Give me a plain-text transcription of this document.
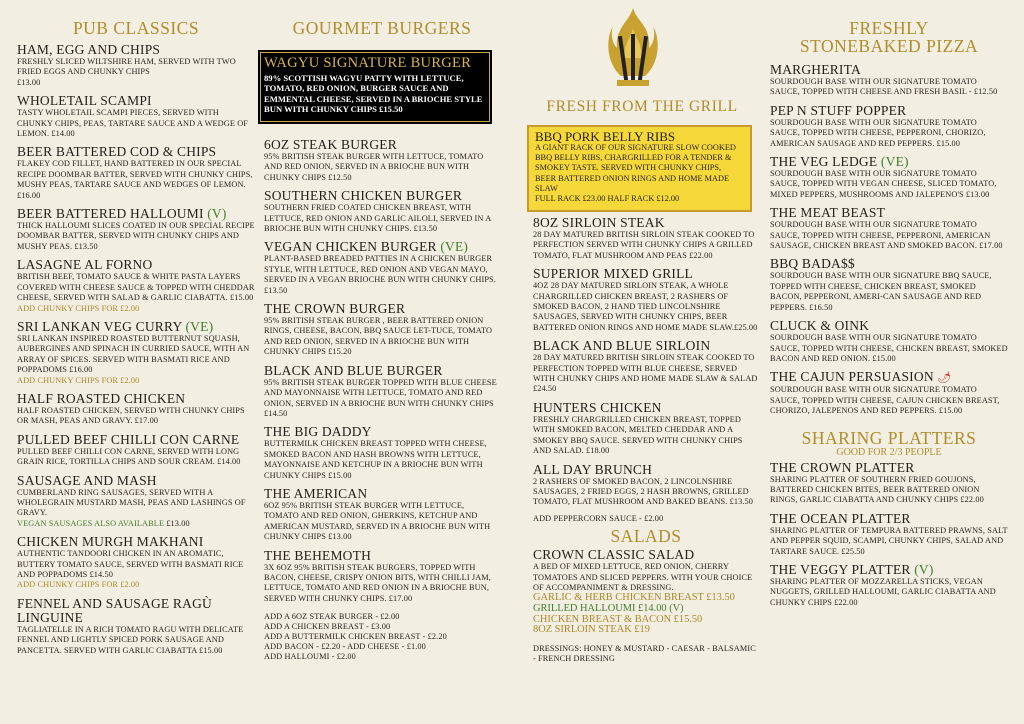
PUB CLASSICS
HAM, EGG AND CHIPS
FRESHLY SLICED WILTSHIRE HAM, SERVED WITH TWO FRIED EGGS AND CHUNKY CHIPS
£13.00
WHOLETAIL SCAMPI
TASTY WHOLETAIL SCAMPI PIECES, SERVED WITH CHUNKY CHIPS, PEAS, TARTARE SAUCE AND A WEDGE OF LEMON. £14.00
BEER BATTERED COD & CHIPS
FLAKEY COD FILLET, HAND BATTERED IN OUR SPECIAL RECIPE DOOMBAR BATTER, SERVED WITH CHUNKY CHIPS, MUSHY PEAS, TARTARE SAUCE AND WEDGES OF LEMON. £16.00
BEER BATTERED HALLOUMI (V)
THICK HALLOUMI SLICES COATED IN OUR SPECIAL RECIPE DOOMBAR BATTER, SERVED WITH CHUNKY CHIPS AND MUSHY PEAS. £13.50
LASAGNE AL FORNO
BRITISH BEEF, TOMATO SAUCE & WHITE PASTA LAYERS COVERED WITH CHEESE SAUCE & TOPPED WITH CHEDDAR CHEESE, SERVED WITH SALAD & GARLIC CIABATTA. £15.00
ADD CHUNKY CHIPS FOR £2.00
SRI LANKAN VEG CURRY (VE)
SRI LANKAN INSPIRED ROASTED BUTTERNUT SQUASH, AUBERGINES AND SPINACH IN CURRIED SAUCE, WITH AN ARRAY OF SPICES. SERVED WITH BASMATI RICE AND POPPADOMS £16.00
ADD CHUNKY CHIPS FOR £2.00
HALF ROASTED CHICKEN
HALF ROASTED CHICKEN, SERVED WITH CHUNKY CHIPS OR MASH, PEAS AND GRAVY. £17.00
PULLED BEEF CHILLI CON CARNE
PULLED BEEF CHILLI CON CARNE, SERVED WITH LONG GRAIN RICE, TORTILLA CHIPS AND SOUR CREAM. £14.00
SAUSAGE AND MASH
CUMBERLAND RING SAUSAGES, SERVED WITH A WHOLEGRAIN MUSTARD MASH, PEAS AND LASHINGS OF GRAVY.
VEGAN SAUSAGES ALSO AVAILABLE £13.00
CHICKEN MURGH MAKHANI
AUTHENTIC TANDOORI CHICKEN IN AN AROMATIC, BUTTERY TOMATO SAUCE, SERVED WITH BASMATI RICE AND POPPADOMS £14.50
ADD CHUNKY CHIPS FOR £2.00
FENNEL AND SAUSAGE RAGÙ LINGUINE
TAGLIATELLE IN A RICH TOMATO RAGU WITH DELICATE FENNEL AND LIGHTLY SPICED PORK SAUSAGE AND PANCETTA. SERVED WITH GARLIC CIABATTA £15.00
GOURMET BURGERS
WAGYU SIGNATURE BURGER
89% SCOTTISH WAGYU PATTY WITH LETTUCE, TOMATO, RED ONION, BURGER SAUCE AND EMMENTAL CHEESE, SERVED IN A BRIOCHE STYLE BUN WITH CHUNKY CHIPS £15.50
6OZ STEAK BURGER
95% BRITISH STEAK BURGER WITH LETTUCE, TOMATO AND RED ONION, SERVED IN A BRIOCHE BUN WITH CHUNKY CHIPS £12.50
SOUTHERN CHICKEN BURGER
SOUTHERN FRIED COATED CHICKEN BREAST, WITH LETTUCE, RED ONION AND GARLIC AILOLI, SERVED IN A BRIOCHE BUN WITH CHUNKY CHIPS. £13.50
VEGAN CHICKEN BURGER (VE)
PLANT-BASED BREADED PATTIES IN A CHICKEN BURGER STYLE, WITH LETTUCE, RED ONION AND VEGAN MAYO, SERVED IN A VEGAN BRIOCHE BUN WITH CHUNKY CHIPS. £13.50
THE CROWN BURGER
95% BRITISH STEAK BURGER , BEER BATTERED ONION RINGS, CHEESE, BACON, BBQ SAUCE LET-TUCE, TOMATO AND RED ONION, SERVED IN A BRIOCHE BUN WITH CHUNKY CHIPS £15.20
BLACK AND BLUE BURGER
95% BRITISH STEAK BURGER TOPPED WITH BLUE CHEESE AND MAYONNAISE WITH LETTUCE, TOMATO AND RED ONION, SERVED IN A BRIOCHE BUN WITH CHUNKY CHIPS £14.50
THE BIG DADDY
BUTTERMILK CHICKEN BREAST TOPPED WITH CHEESE, SMOKED BACON AND HASH BROWNS WITH LETTUCE, MAYONNAISE AND KETCHUP IN A BRIOCHE BUN WITH CHUNKY CHIPS £15.00
THE AMERICAN
6OZ 95% BRITISH STEAK BURGER WITH LETTUCE, TOMATO AND RED ONION, GHERKINS, KETCHUP AND AMERICAN MUSTARD, SERVED IN A BRIOCHE BUN WITH CHUNKY CHIPS £13.00
THE BEHEMOTH
3X 6OZ 95% BRITISH STEAK BURGERS, TOPPED WITH BACON, CHEESE, CRISPY ONION BITS, WITH CHILLI JAM, LETTUCE, TOMATO AND RED ONION IN A BRIOCHE BUN, SERVED WITH CHUNKY CHIPS. £17.00
ADD A 6OZ STEAK BURGER - £2.00
ADD A CHICKEN BREAST - £3.00
ADD A BUTTERMILK CHICKEN BREAST - £2.20
ADD BACON - £2.20 - ADD CHEESE - £1.00
ADD HALLOUMI - £2.00
FRESH FROM THE GRILL
BBQ PORK BELLY RIBS
A GIANT RACK OF OUR SIGNATURE SLOW COOKED BBQ BELLY RIBS, CHARGRILLED FOR A TENDER & SMOKEY TASTE. SERVED WITH CHUNKY CHIPS, BEER BATTERED ONION RINGS AND HOME MADE SLAW
FULL RACK £23.00 HALF RACK £12.00
8OZ SIRLOIN STEAK
28 DAY MATURED BRITISH SIRLOIN STEAK COOKED TO PERFECTION SERVED WITH CHUNKY CHIPS A GRILLED TOMATO, FLAT MUSHROOM AND PEAS £22.00
SUPERIOR MIXED GRILL
4OZ 28 DAY MATURED SIRLOIN STEAK, A WHOLE CHARGRILLED CHICKEN BREAST, 2 RASHERS OF SMOKED BACON, 2 HAND TIED LINCOLNSHIRE SAUSAGES, SERVED WITH CHUNKY CHIPS, BEER BATTERED ONION RINGS AND HOME MADE SLAW.£25.00
BLACK AND BLUE SIRLOIN
28 DAY MATURED BRITISH SIRLOIN STEAK COOKED TO PERFECTION TOPPED WITH BLUE CHEESE, SERVED WITH CHUNKY CHIPS AND HOME MADE SLAW & SALAD £24.50
HUNTERS CHICKEN
FRESHLY CHARGRILLED CHICKEN BREAST, TOPPED WITH SMOKED BACON, MELTED CHEDDAR AND A SMOKEY BBQ SAUCE. SERVED WITH CHUNKY CHIPS AND SALAD. £18.00
ALL DAY BRUNCH
2 RASHERS OF SMOKED BACON, 2 LINCOLNSHIRE SAUSAGES, 2 FRIED EGGS, 2 HASH BROWNS, GRILLED TOMATO, FLAT MUSHROOM AND BAKED BEANS. £13.50
ADD PEPPERCORN SAUCE - £2.00
SALADS
CROWN CLASSIC SALAD
A BED OF MIXED LETTUCE, RED ONION, CHERRY TOMATOES AND SLICED PEPPERS. WITH YOUR CHOICE OF ACCOMPANIMENT & DRESSING.
GARLIC & HERB CHICKEN BREAST £13.50
GRILLED HALLOUMI £14.00 (V)
CHICKEN BREAST & BACON £15.50
8OZ SIRLOIN STEAK £19
DRESSINGS: HONEY & MUSTARD - CAESAR - BALSAMIC - FRENCH DRESSING
FRESHLY
STONEBAKED PIZZA
MARGHERITA
SOURDOUGH BASE WITH OUR SIGNATURE TOMATO SAUCE, TOPPED WITH CHEESE AND FRESH BASIL - £12.50
PEP N STUFF POPPER
SOURDOUGH BASE WITH OUR SIGNATURE TOMATO SAUCE, TOPPED WITH CHEESE, PEPPERONI, CHORIZO, AMERICAN SAUSAGE AND RED PEPPERS. £15.00
THE VEG LEDGE (VE)
SOURDOUGH BASE WITH OUR SIGNATURE TOMATO SAUCE, TOPPED WITH VEGAN CHEESE, SLICED TOMATO, MIXED PEPPERS, MUSHROOMS AND JALEPENO'S £13.00
THE MEAT BEAST
SOURDOUGH BASE WITH OUR SIGNATURE TOMATO SAUCE, TOPPED WITH CHEESE, PEPPERONI, AMERICAN SAUSAGE, CHICKEN BREAST AND SMOKED BACON. £17.00
BBQ BADA$$
SOURDOUGH BASE WITH OUR SIGNATURE BBQ SAUCE, TOPPED WITH CHEESE, CHICKEN BREAST, SMOKED BACON, PEPPERONI, AMERI-CAN SAUSAGE AND RED PEPPERS. £16.50
CLUCK & OINK
SOURDOUGH BASE WITH OUR SIGNATURE TOMATO SAUCE, TOPPED WITH CHEESE, CHICKEN BREAST, SMOKED BACON AND RED ONION. £15.00
THE CAJUN PERSUASION 🌶
SOURDOUGH BASE WITH OUR SIGNATURE TOMATO SAUCE, TOPPED WITH CHEESE, CAJUN CHICKEN BREAST, CHORIZO, JALEPENOS AND RED PEPPERS. £15.00
SHARING PLATTERS
GOOD FOR 2/3 PEOPLE
THE CROWN PLATTER
SHARING PLATTER OF SOUTHERN FRIED GOUJONS, BATTERED CHICKEN BITES, BEER BATTERED ONION RINGS, GARLIC CIABATTA AND CHUNKY CHIPS £22.00
THE OCEAN PLATTER
SHARING PLATTER OF TEMPURA BATTERED PRAWNS, SALT AND PEPPER SQUID, SCAMPI, CHUNKY CHIPS, SALAD AND TARTARE SAUCE. £25.50
THE VEGGY PLATTER (V)
SHARING PLATTER OF MOZZARELLA STICKS, VEGAN NUGGETS, GRILLED HALLOUMI, GARLIC CIABATTA AND CHUNKY CHIPS £22.00
